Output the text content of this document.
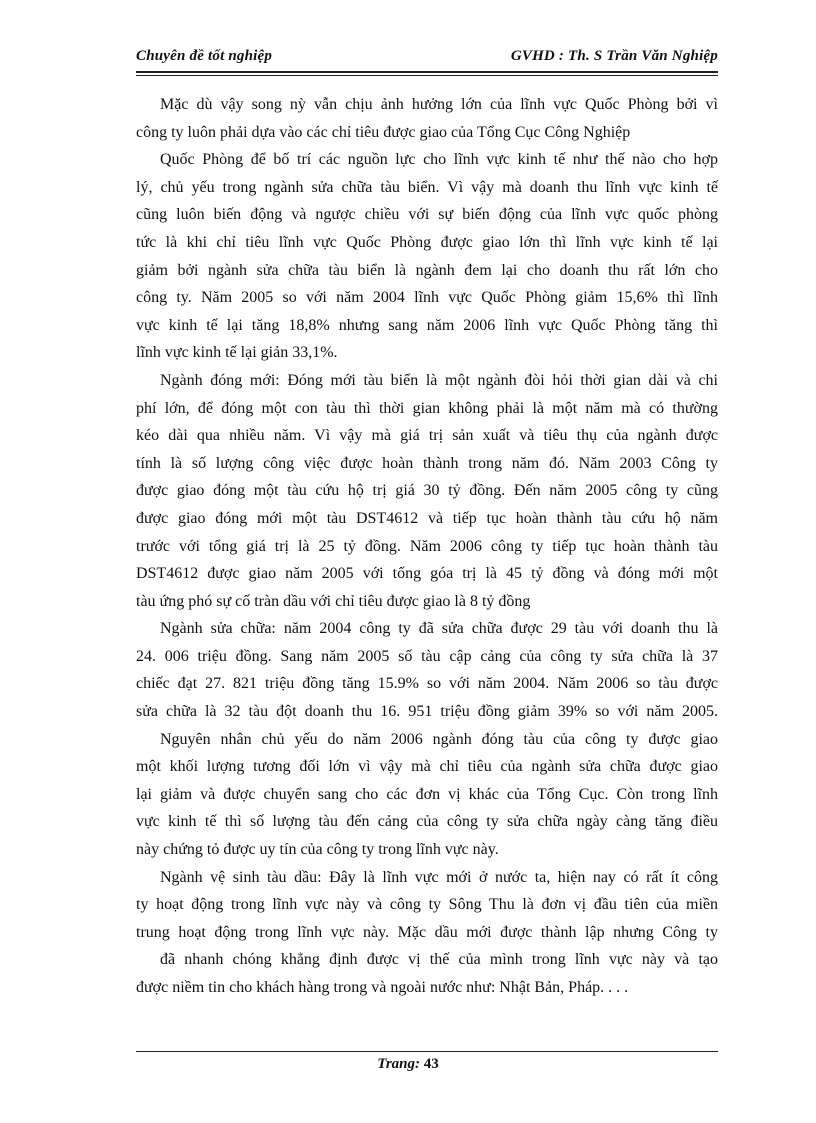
Chuyên đề tốt nghiệp	GVHD : Th. S Trần Văn Nghiệp
Mặc dù vậy song nỳ vẫn chịu ảnh hưởng lớn của lĩnh vực Quốc Phòng bởi vì
công ty luôn phải dựa vào các chỉ tiêu được giao của Tổng Cục Công Nghiệp
Quốc Phòng để bố trí các nguồn lực cho lĩnh vực kinh tế như thế nào cho hợp
lý, chủ yếu trong ngành sửa chữa tàu biển. Vì vậy mà doanh thu lĩnh vực kinh tế
cũng luôn biến động và ngược chiều với sự biến động của lĩnh vực quốc phòng
tức là khi chỉ tiêu lĩnh vực Quốc Phòng được giao lớn thì lĩnh vực kinh tế lại
giảm bởi ngành sửa chữa tàu biển là ngành đem lại cho doanh thu rất lớn cho
công ty. Năm 2005 so với năm 2004 lĩnh vực Quốc Phòng giảm 15,6% thì lĩnh
vực kinh tế lại tăng 18,8% nhưng sang năm 2006 lĩnh vực Quốc Phòng tăng thì
lĩnh vực kinh tế lại giản 33,1%.
Ngành đóng mới: Đóng mới tàu biển là một ngành đòi hỏi thời gian dài và chi
phí lớn, để đóng một con tàu thì thời gian không phải là một năm mà có thường
kéo dài qua nhiều năm. Vì vậy mà giá trị sản xuất và tiêu thụ của ngành được
tính là số lượng công việc được hoàn thành trong năm đó. Năm 2003 Công ty
được giao đóng một tàu cứu hộ trị giá 30 tỷ đồng. Đến năm 2005 công ty cũng
được giao đóng mới một tàu DST4612 và tiếp tục hoàn thành tàu cứu hộ năm
trước với tổng giá trị là 25 tỷ đồng. Năm 2006 công ty tiếp tục hoàn thành tàu
DST4612 được giao năm 2005 với tổng góa trị là 45 tỷ đồng và đóng mới một
tàu ứng phó sự cố tràn dầu với chỉ tiêu được giao là 8 tỷ đồng
Ngành sửa chữa: năm 2004 công ty đã sửa chữa được 29 tàu với doanh thu là
24. 006 triệu đồng. Sang năm 2005 số tàu cập cảng của công ty sửa chữa là 37
chiếc đạt 27. 821 triệu đồng tăng 15.9% so với năm 2004. Năm 2006 so tàu được
sửa chữa là 32 tàu đột doanh thu 16. 951 triệu đồng giảm 39% so với năm 2005.
Nguyên nhân chủ yếu do năm 2006 ngành đóng tàu của công ty được giao
một khối lượng tương đối lớn vì vậy mà chỉ tiêu của ngành sửa chữa được giao
lại giảm và được chuyển sang cho các đơn vị khác của Tổng Cục. Còn trong lĩnh
vực kinh tế thì số lượng tàu đến cảng của công ty sửa chữa ngày càng tăng điều
này chứng tỏ được uy tín của công ty trong lĩnh vực này.
Ngành vệ sinh tàu dầu: Đây là lĩnh vực mới ở nước ta, hiện nay có rất ít công
ty hoạt động trong lĩnh vực này và công ty Sông Thu là đơn vị đầu tiên của miền
trung hoạt động trong lĩnh vực này. Mặc dầu mới được thành lập nhưng Công ty
đã nhanh chóng khẳng định được vị thế của mình trong lĩnh vực này và tạo
được niềm tin cho khách hàng trong và ngoài nước như: Nhật Bản, Pháp. . . .
Trang: 43
